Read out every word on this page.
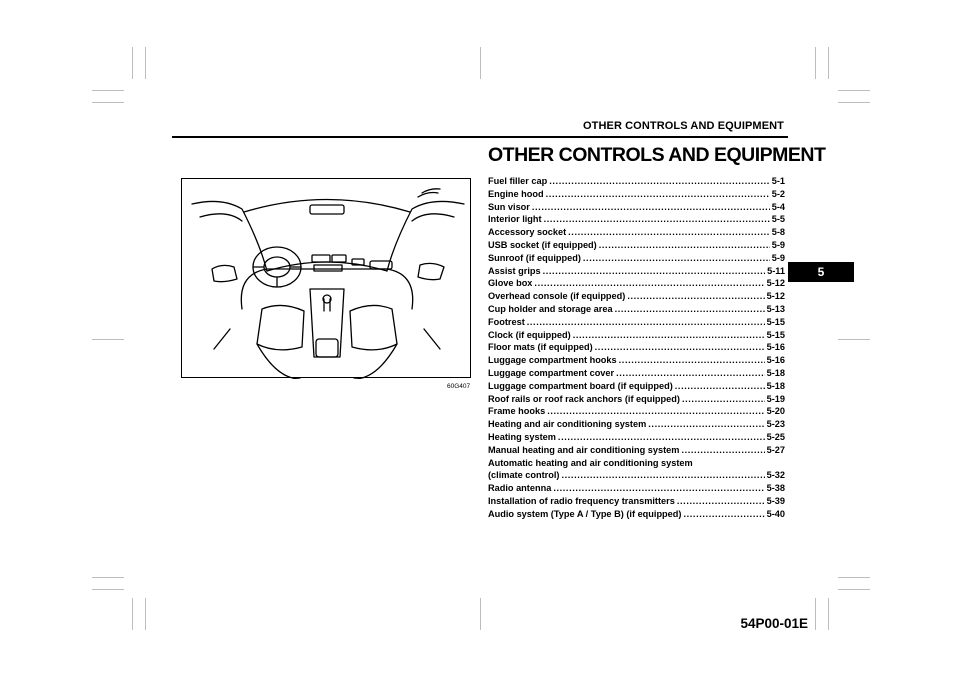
OTHER CONTROLS AND EQUIPMENT
5
60G407
OTHER CONTROLS AND EQUIPMENT
Fuel filler cap .....	5-1
Engine hood .....	5-2
Sun visor .....	5-4
Interior light .....	5-5
Accessory socket .....	5-8
USB socket (if equipped) .....	5-9
Sunroof (if equipped) .....	5-9
Assist grips .....	5-11
Glove box .....	5-12
Overhead console (if equipped) .....	5-12
Cup holder and storage area .....	5-13
Footrest .....	5-15
Clock (if equipped) .....	5-15
Floor mats (if equipped) .....	5-16
Luggage compartment hooks .....	5-16
Luggage compartment cover .....	5-18
Luggage compartment board (if equipped) .....	5-18
Roof rails or roof rack anchors (if equipped) .....	5-19
Frame hooks .....	5-20
Heating and air conditioning system .....	5-23
Heating system .....	5-25
Manual heating and air conditioning system .....	5-27
Automatic heating and air conditioning system
(climate control) .....	5-32
Radio antenna .....	5-38
Installation of radio frequency transmitters .....	5-39
Audio system (Type A / Type B) (if equipped) .....	5-40
54P00-01E
